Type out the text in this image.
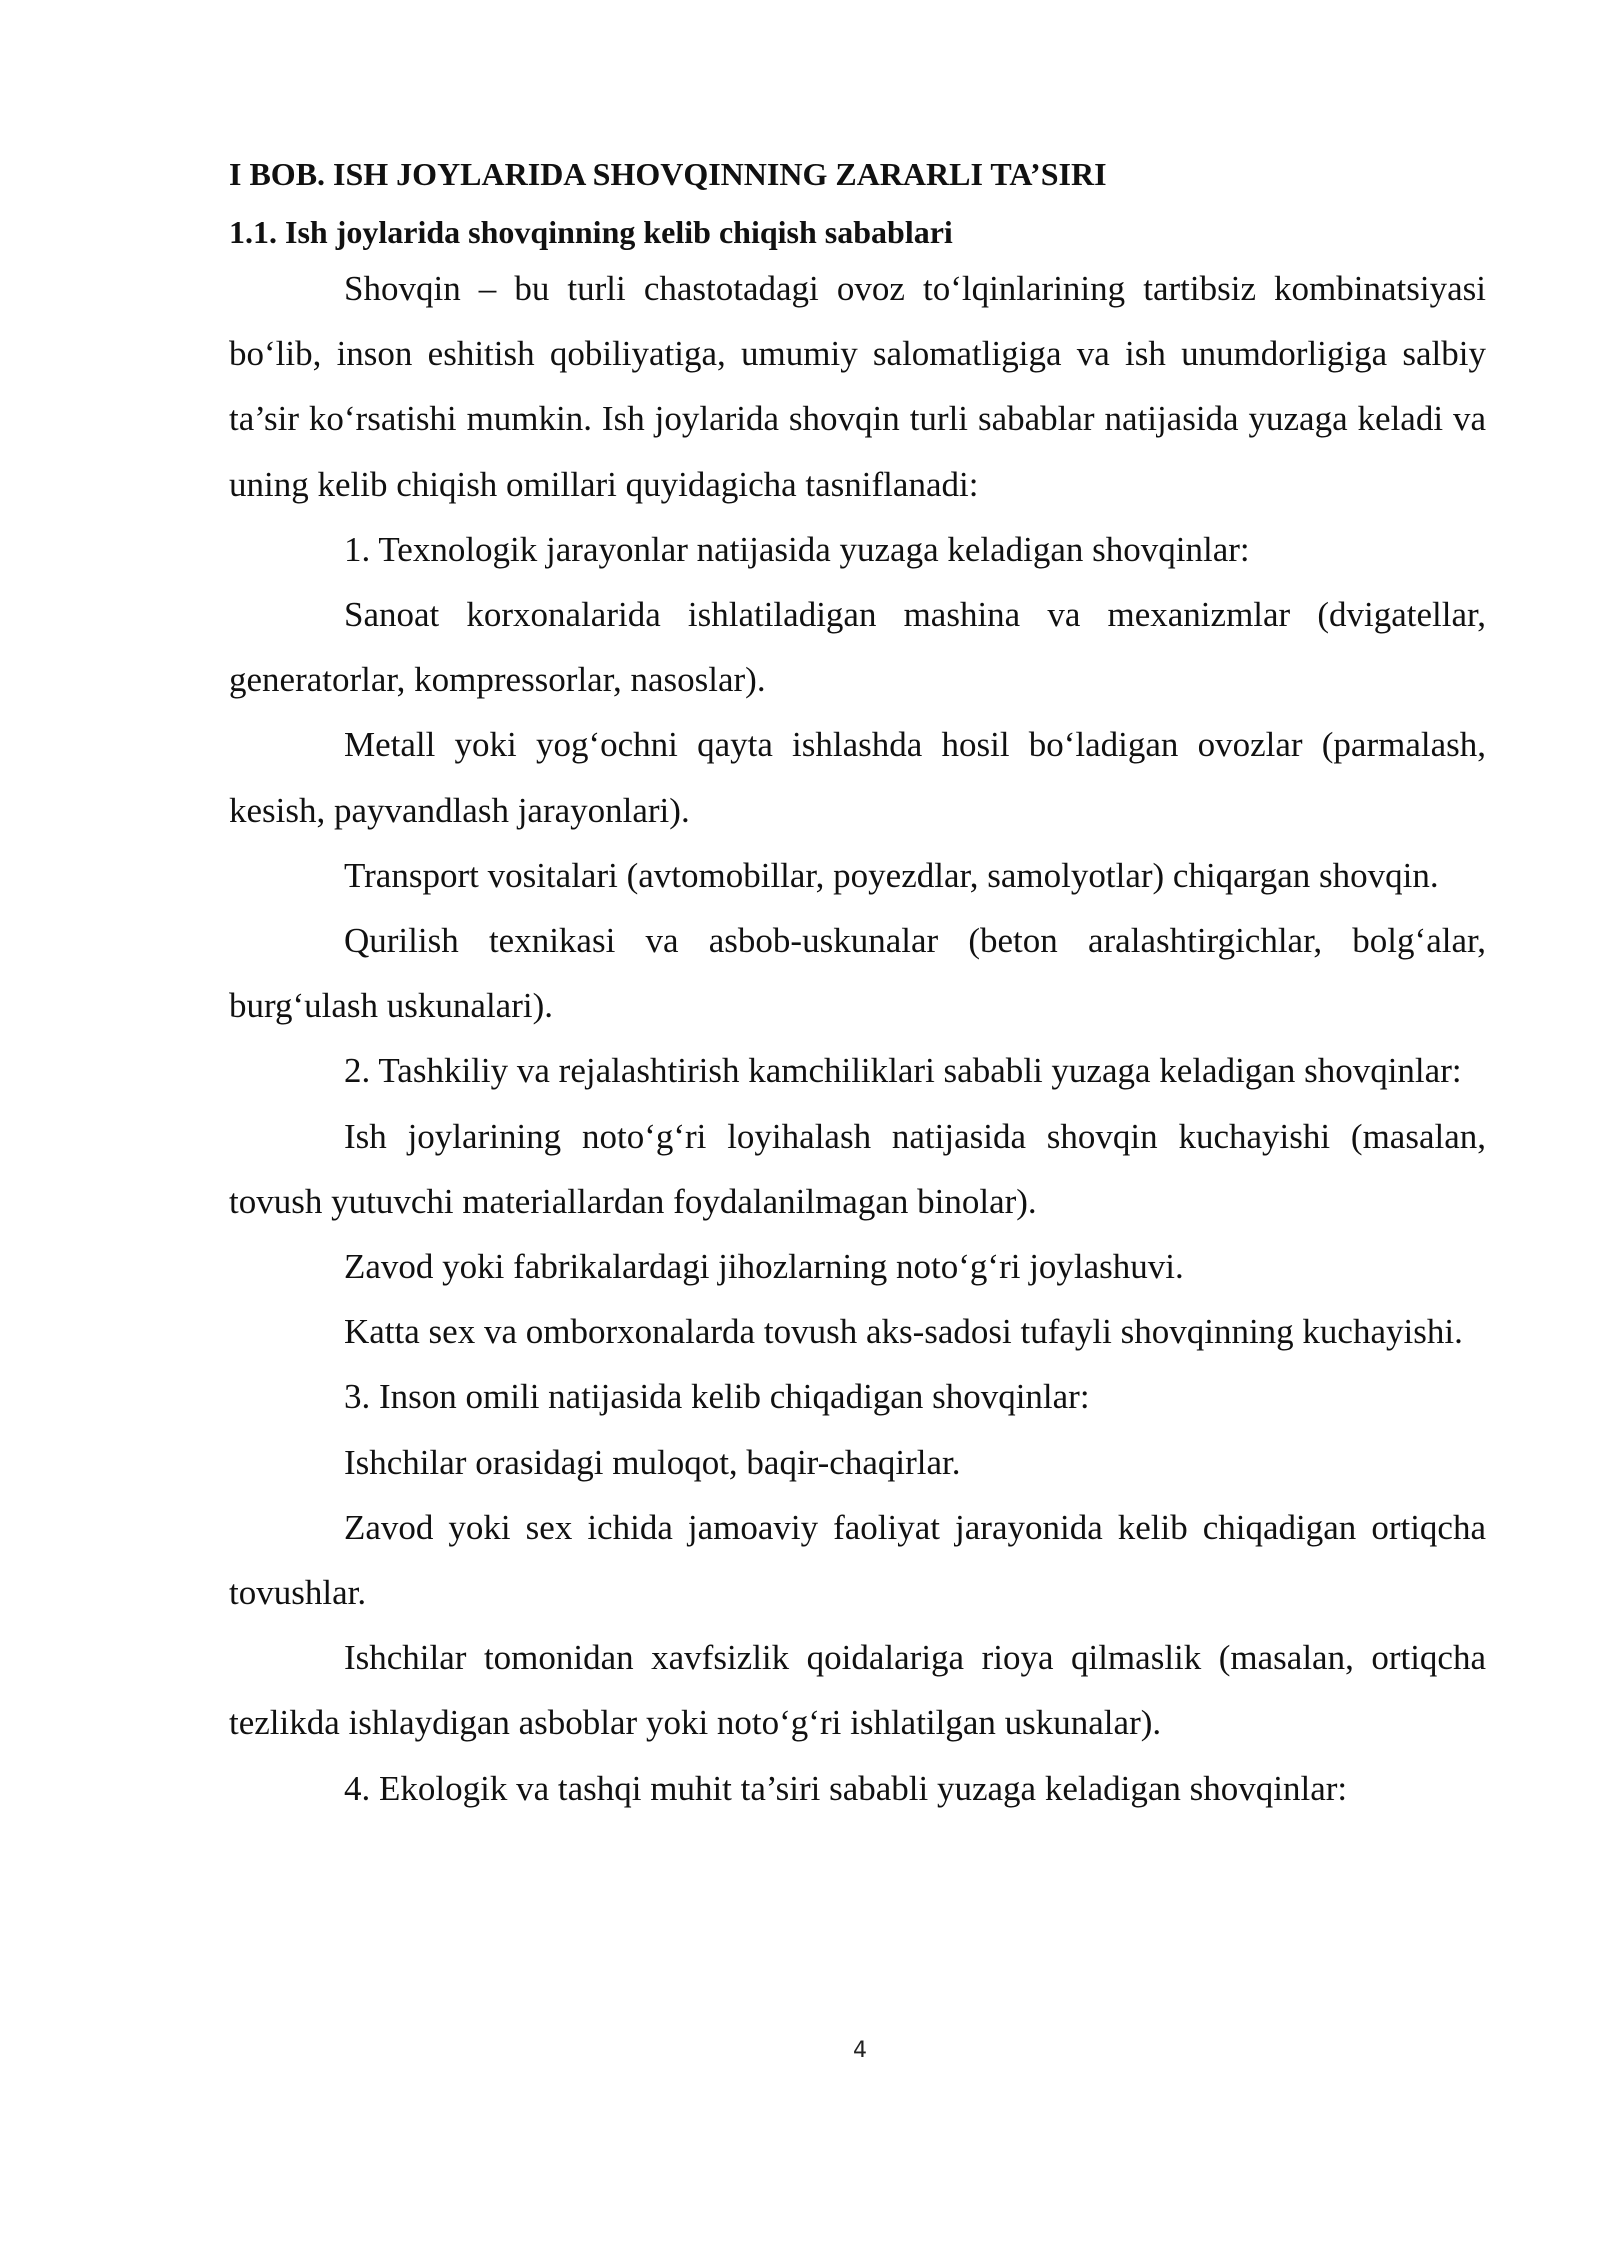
I BOB. ISH JOYLARIDA SHOVQINNING ZARARLI TA’SIRI
1.1. Ish joylarida shovqinning kelib chiqish sabablari

Shovqin – bu turli chastotadagi ovoz to‘lqinlarining tartibsiz kombinatsiyasi bo‘lib, inson eshitish qobiliyatiga, umumiy salomatligiga va ish unumdorligiga salbiy ta’sir ko‘rsatishi mumkin. Ish joylarida shovqin turli sabablar natijasida yuzaga keladi va uning kelib chiqish omillari quyidagicha tasniflanadi:

1. Texnologik jarayonlar natijasida yuzaga keladigan shovqinlar:

Sanoat korxonalarida ishlatiladigan mashina va mexanizmlar (dvigatellar, generatorlar, kompressorlar, nasoslar).

Metall yoki yog‘ochni qayta ishlashda hosil bo‘ladigan ovozlar (parmalash, kesish, payvandlash jarayonlari).

Transport vositalari (avtomobillar, poyezdlar, samolyotlar) chiqargan shovqin.

Qurilish texnikasi va asbob-uskunalar (beton aralashtirgichlar, bolg‘alar, burg‘ulash uskunalari).

2. Tashkiliy va rejalashtirish kamchiliklari sababli yuzaga keladigan shovqinlar:

Ish joylarining noto‘g‘ri loyihalash natijasida shovqin kuchayishi (masalan, tovush yutuvchi materiallardan foydalanilmagan binolar).

Zavod yoki fabrikalardagi jihozlarning noto‘g‘ri joylashuvi.

Katta sex va omborxonalarda tovush aks-sadosi tufayli shovqinning kuchayishi.

3. Inson omili natijasida kelib chiqadigan shovqinlar:

Ishchilar orasidagi muloqot, baqir-chaqirlar.

Zavod yoki sex ichida jamoaviy faoliyat jarayonida kelib chiqadigan ortiqcha tovushlar.

Ishchilar tomonidan xavfsizlik qoidalariga rioya qilmaslik (masalan, ortiqcha tezlikda ishlaydigan asboblar yoki noto‘g‘ri ishlatilgan uskunalar).

4. Ekologik va tashqi muhit ta’siri sababli yuzaga keladigan shovqinlar:

4
